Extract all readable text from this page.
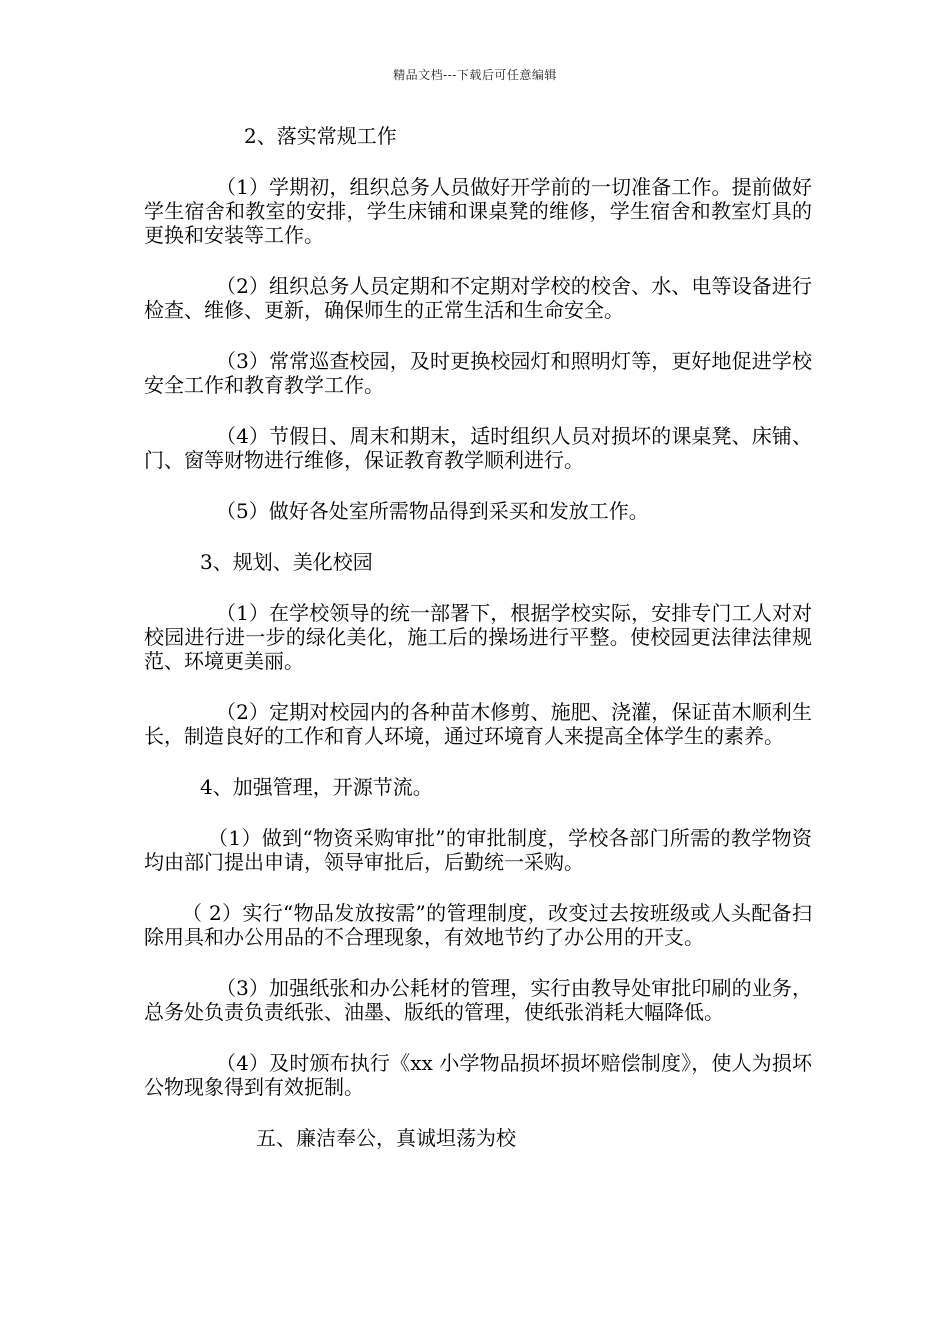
精品文档---下载后可任意编辑

2、落实常规工作

（1）学期初，组织总务人员做好开学前的一切准备工作。提前做好学生宿舍和教室的安排，学生床铺和课桌凳的维修，学生宿舍和教室灯具的更换和安装等工作。

（2）组织总务人员定期和不定期对学校的校舍、水、电等设备进行检查、维修、更新，确保师生的正常生活和生命安全。

（3）常常巡查校园，及时更换校园灯和照明灯等，更好地促进学校安全工作和教育教学工作。

（4）节假日、周末和期末，适时组织人员对损坏的课桌凳、床铺、门、窗等财物进行维修，保证教育教学顺利进行。

（5）做好各处室所需物品得到采买和发放工作。

3、规划、美化校园

（1）在学校领导的统一部署下，根据学校实际，安排专门工人对对校园进行进一步的绿化美化，施工后的操场进行平整。使校园更法律法律规范、环境更美丽。

（2）定期对校园内的各种苗木修剪、施肥、浇灌，保证苗木顺利生长，制造良好的工作和育人环境，通过环境育人来提高全体学生的素养。

4、加强管理，开源节流。

（1）做到“物资采购审批”的审批制度，学校各部门所需的教学物资均由部门提出申请，领导审批后，后勤统一采购。

（ 2）实行“物品发放按需”的管理制度，改变过去按班级或人头配备扫除用具和办公用品的不合理现象，有效地节约了办公用的开支。

（3）加强纸张和办公耗材的管理，实行由教导处审批印刷的业务，总务处负责负责纸张、油墨、版纸的管理，使纸张消耗大幅降低。

（4）及时颁布执行《xx 小学物品损坏损坏赔偿制度》，使人为损坏公物现象得到有效扼制。

五、廉洁奉公，真诚坦荡为校
